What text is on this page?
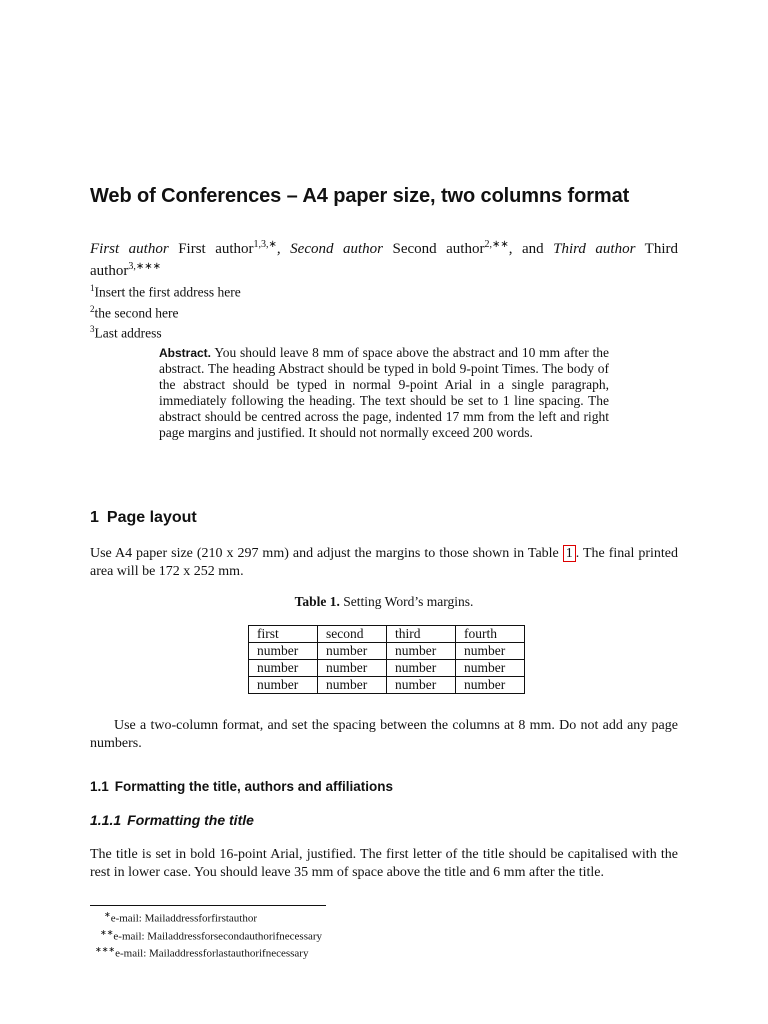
Web of Conferences – A4 paper size, two columns format

First author First author$^{1,3,∗}$, Second author Second author$^{2,∗∗}$, and Third author Third author$^{3,∗∗∗}$

$^1$Insert the first address here
$^2$the second here
$^3$Last address

Abstract. You should leave 8 mm of space above the abstract and 10 mm after the abstract. The heading Abstract should be typed in bold 9-point Times. The body of the abstract should be typed in normal 9-point Arial in a single paragraph, immediately following the heading. The text should be set to 1 line spacing. The abstract should be centred across the page, indented 17 mm from the left and right page margins and justified. It should not normally exceed 200 words.

1 Page layout

Use A4 paper size (210 x 297 mm) and adjust the margins to those shown in Table 1 . The final printed area will be 172 x 252 mm.

Table 1. Setting Word’s margins.

first	second	third	fourth
number	number	number	number
number	number	number	number
number	number	number	number

Use a two-column format, and set the spacing between the columns at 8 mm. Do not add any page numbers.

1.1 Formatting the title, authors and affiliations
1.1.1 Formatting the title

The title is set in bold 16-point Arial, justified. The first letter of the title should be capitalised with the rest in lower case. You should leave 35 mm of space above the title and 6 mm after the title.

∗e-mail: Mailaddressforfirstauthor
∗∗e-mail: Mailaddressforsecondauthorifnecessary
∗∗∗e-mail: Mailaddressforlastauthorifnecessary
